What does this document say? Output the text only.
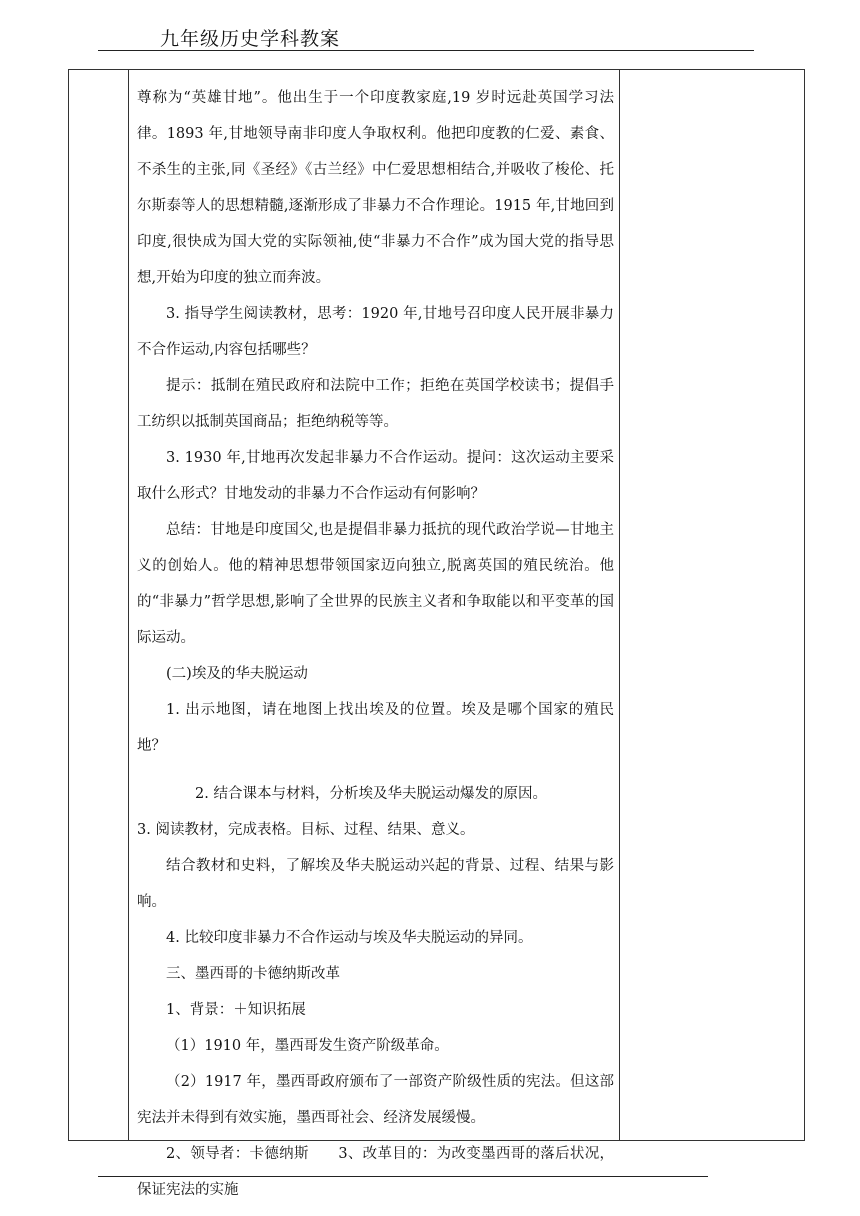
九年级历史学科教案

尊称为“英雄甘地”。他出生于一个印度教家庭,19 岁时远赴英国学习法律。1893 年,甘地领导南非印度人争取权利。他把印度教的仁爱、素食、不杀生的主张,同《圣经》《古兰经》中仁爱思想相结合,并吸收了梭伦、托尔斯泰等人的思想精髓,逐渐形成了非暴力不合作理论。1915 年,甘地回到印度,很快成为国大党的实际领袖,使“非暴力不合作”成为国大党的指导思想,开始为印度的独立而奔波。

3. 指导学生阅读教材，思考：1920 年,甘地号召印度人民开展非暴力不合作运动,内容包括哪些？

提示：抵制在殖民政府和法院中工作；拒绝在英国学校读书；提倡手工纺织以抵制英国商品；拒绝纳税等等。

3. 1930 年,甘地再次发起非暴力不合作运动。提问：这次运动主要采取什么形式？甘地发动的非暴力不合作运动有何影响？

总结：甘地是印度国父,也是提倡非暴力抵抗的现代政治学说—甘地主义的创始人。他的精神思想带领国家迈向独立,脱离英国的殖民统治。他的“非暴力”哲学思想,影响了全世界的民族主义者和争取能以和平变革的国际运动。

(二)埃及的华夫脱运动

1. 出示地图，请在地图上找出埃及的位置。埃及是哪个国家的殖民地？

2. 结合课本与材料，分析埃及华夫脱运动爆发的原因。

3. 阅读教材，完成表格。目标、过程、结果、意义。

结合教材和史料，了解埃及华夫脱运动兴起的背景、过程、结果与影响。

4. 比较印度非暴力不合作运动与埃及华夫脱运动的异同。

三、墨西哥的卡德纳斯改革

1、背景：＋知识拓展

（1）1910 年，墨西哥发生资产阶级革命。

（2）1917 年，墨西哥政府颁布了一部资产阶级性质的宪法。但这部宪法并未得到有效实施，墨西哥社会、经济发展缓慢。

2、领导者：卡德纳斯　　3、改革目的：为改变墨西哥的落后状况，保证宪法的实施
